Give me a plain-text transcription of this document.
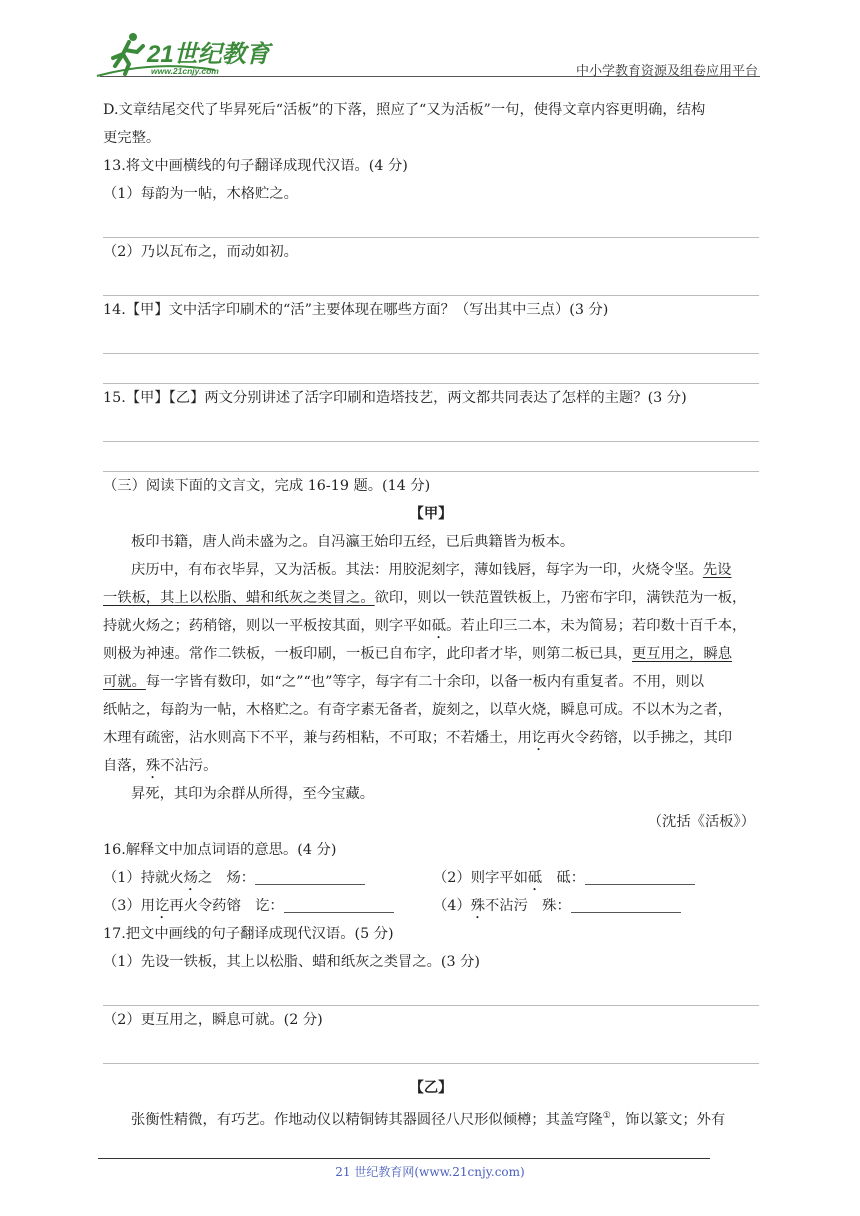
21世纪教育
www.21cnjy.com	中小学教育资源及组卷应用平台
D.文章结尾交代了毕昇死后“活板”的下落，照应了“又为活板”一句，使得文章内容更明确，结构
更完整。
13.将文中画横线的句子翻译成现代汉语。(4 分)
（1）每韵为一帖，木格贮之。
（2）乃以瓦布之，而动如初。
14.【甲】文中活字印刷术的“活”主要体现在哪些方面？（写出其中三点）(3 分)
15.【甲】【乙】两文分别讲述了活字印刷和造塔技艺，两文都共同表达了怎样的主题？(3 分)
（三）阅读下面的文言文，完成 16-19 题。(14 分)
【甲】
板印书籍，唐人尚未盛为之。自冯瀛王始印五经，已后典籍皆为板本。
庆历中，有布衣毕昇，又为活板。其法：用胶泥刻字，薄如钱唇，每字为一印，火烧令坚。先设
一铁板，其上以松脂、蜡和纸灰之类冒之。欲印，则以一铁范置铁板上，乃密布字印，满铁范为一板，
持就火炀之；药稍镕，则以一平板按其面，则字平如砥。若止印三二本，未为简易；若印数十百千本，
则极为神速。常作二铁板，一板印刷，一板已自布字，此印者才毕，则第二板已具，更互用之，瞬息
可就。每一字皆有数印，如“之”“也”等字，每字有二十余印，以备一板内有重复者。不用，则以
纸帖之，每韵为一帖，木格贮之。有奇字素无备者，旋刻之，以草火烧，瞬息可成。不以木为之者，
木理有疏密，沾水则高下不平，兼与药相粘，不可取；不若燔土，用讫再火令药镕，以手拂之，其印
自落，殊不沾污。
昇死，其印为余群从所得，至今宝藏。
（沈括《活板》）
16.解释文中加点词语的意思。(4 分)
（1）持就火炀之　炀：	（2）则字平如砥　砥：
（3）用讫再火令药镕　讫：	（4）殊不沾污　殊：
17.把文中画线的句子翻译成现代汉语。(5 分)
（1）先设一铁板，其上以松脂、蜡和纸灰之类冒之。(3 分)
（2）更互用之，瞬息可就。(2 分)
【乙】
张衡性精微，有巧艺。作地动仪以精铜铸其器圆径八尺形似倾樽；其盖穹隆①，饰以篆文；外有
21 世纪教育网(www.21cnjy.com)
